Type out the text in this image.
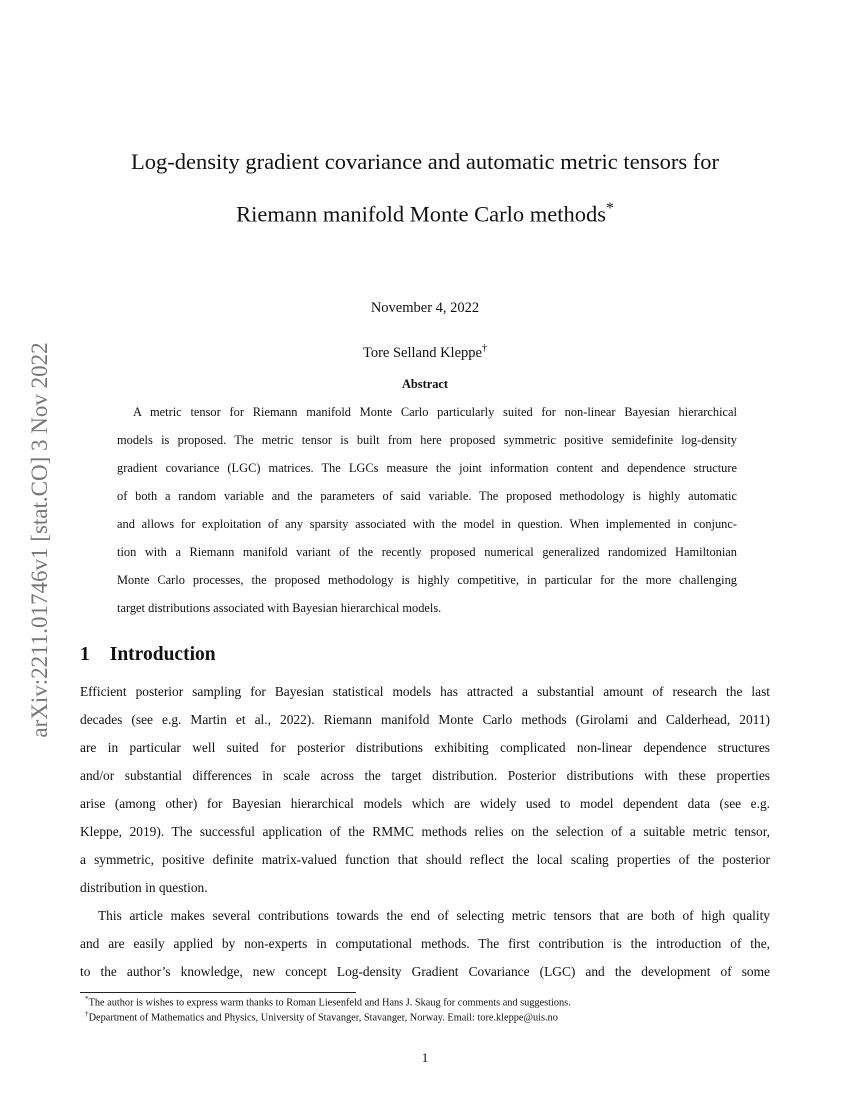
arXiv:2211.01746v1 [stat.CO] 3 Nov 2022
Log-density gradient covariance and automatic metric tensors for
Riemann manifold Monte Carlo methods*
Tore Selland Kleppe†
November 4, 2022
Abstract
A metric tensor for Riemann manifold Monte Carlo particularly suited for non-linear Bayesian hierarchical
models is proposed. The metric tensor is built from here proposed symmetric positive semidefinite log-density
gradient covariance (LGC) matrices. The LGCs measure the joint information content and dependence structure
of both a random variable and the parameters of said variable. The proposed methodology is highly automatic
and allows for exploitation of any sparsity associated with the model in question. When implemented in conjunc-
tion with a Riemann manifold variant of the recently proposed numerical generalized randomized Hamiltonian
Monte Carlo processes, the proposed methodology is highly competitive, in particular for the more challenging
target distributions associated with Bayesian hierarchical models.
1 Introduction
Efficient posterior sampling for Bayesian statistical models has attracted a substantial amount of research the last
decades (see e.g. Martin et al., 2022). Riemann manifold Monte Carlo methods (Girolami and Calderhead, 2011)
are in particular well suited for posterior distributions exhibiting complicated non-linear dependence structures
and/or substantial differences in scale across the target distribution. Posterior distributions with these properties
arise (among other) for Bayesian hierarchical models which are widely used to model dependent data (see e.g.
Kleppe, 2019). The successful application of the RMMC methods relies on the selection of a suitable metric tensor,
a symmetric, positive definite matrix-valued function that should reflect the local scaling properties of the posterior
distribution in question.
This article makes several contributions towards the end of selecting metric tensors that are both of high quality
and are easily applied by non-experts in computational methods. The first contribution is the introduction of the,
to the author’s knowledge, new concept Log-density Gradient Covariance (LGC) and the development of some
*The author is wishes to express warm thanks to Roman Liesenfeld and Hans J. Skaug for comments and suggestions.
†Department of Mathematics and Physics, University of Stavanger, Stavanger, Norway. Email: tore.kleppe@uis.no
1
